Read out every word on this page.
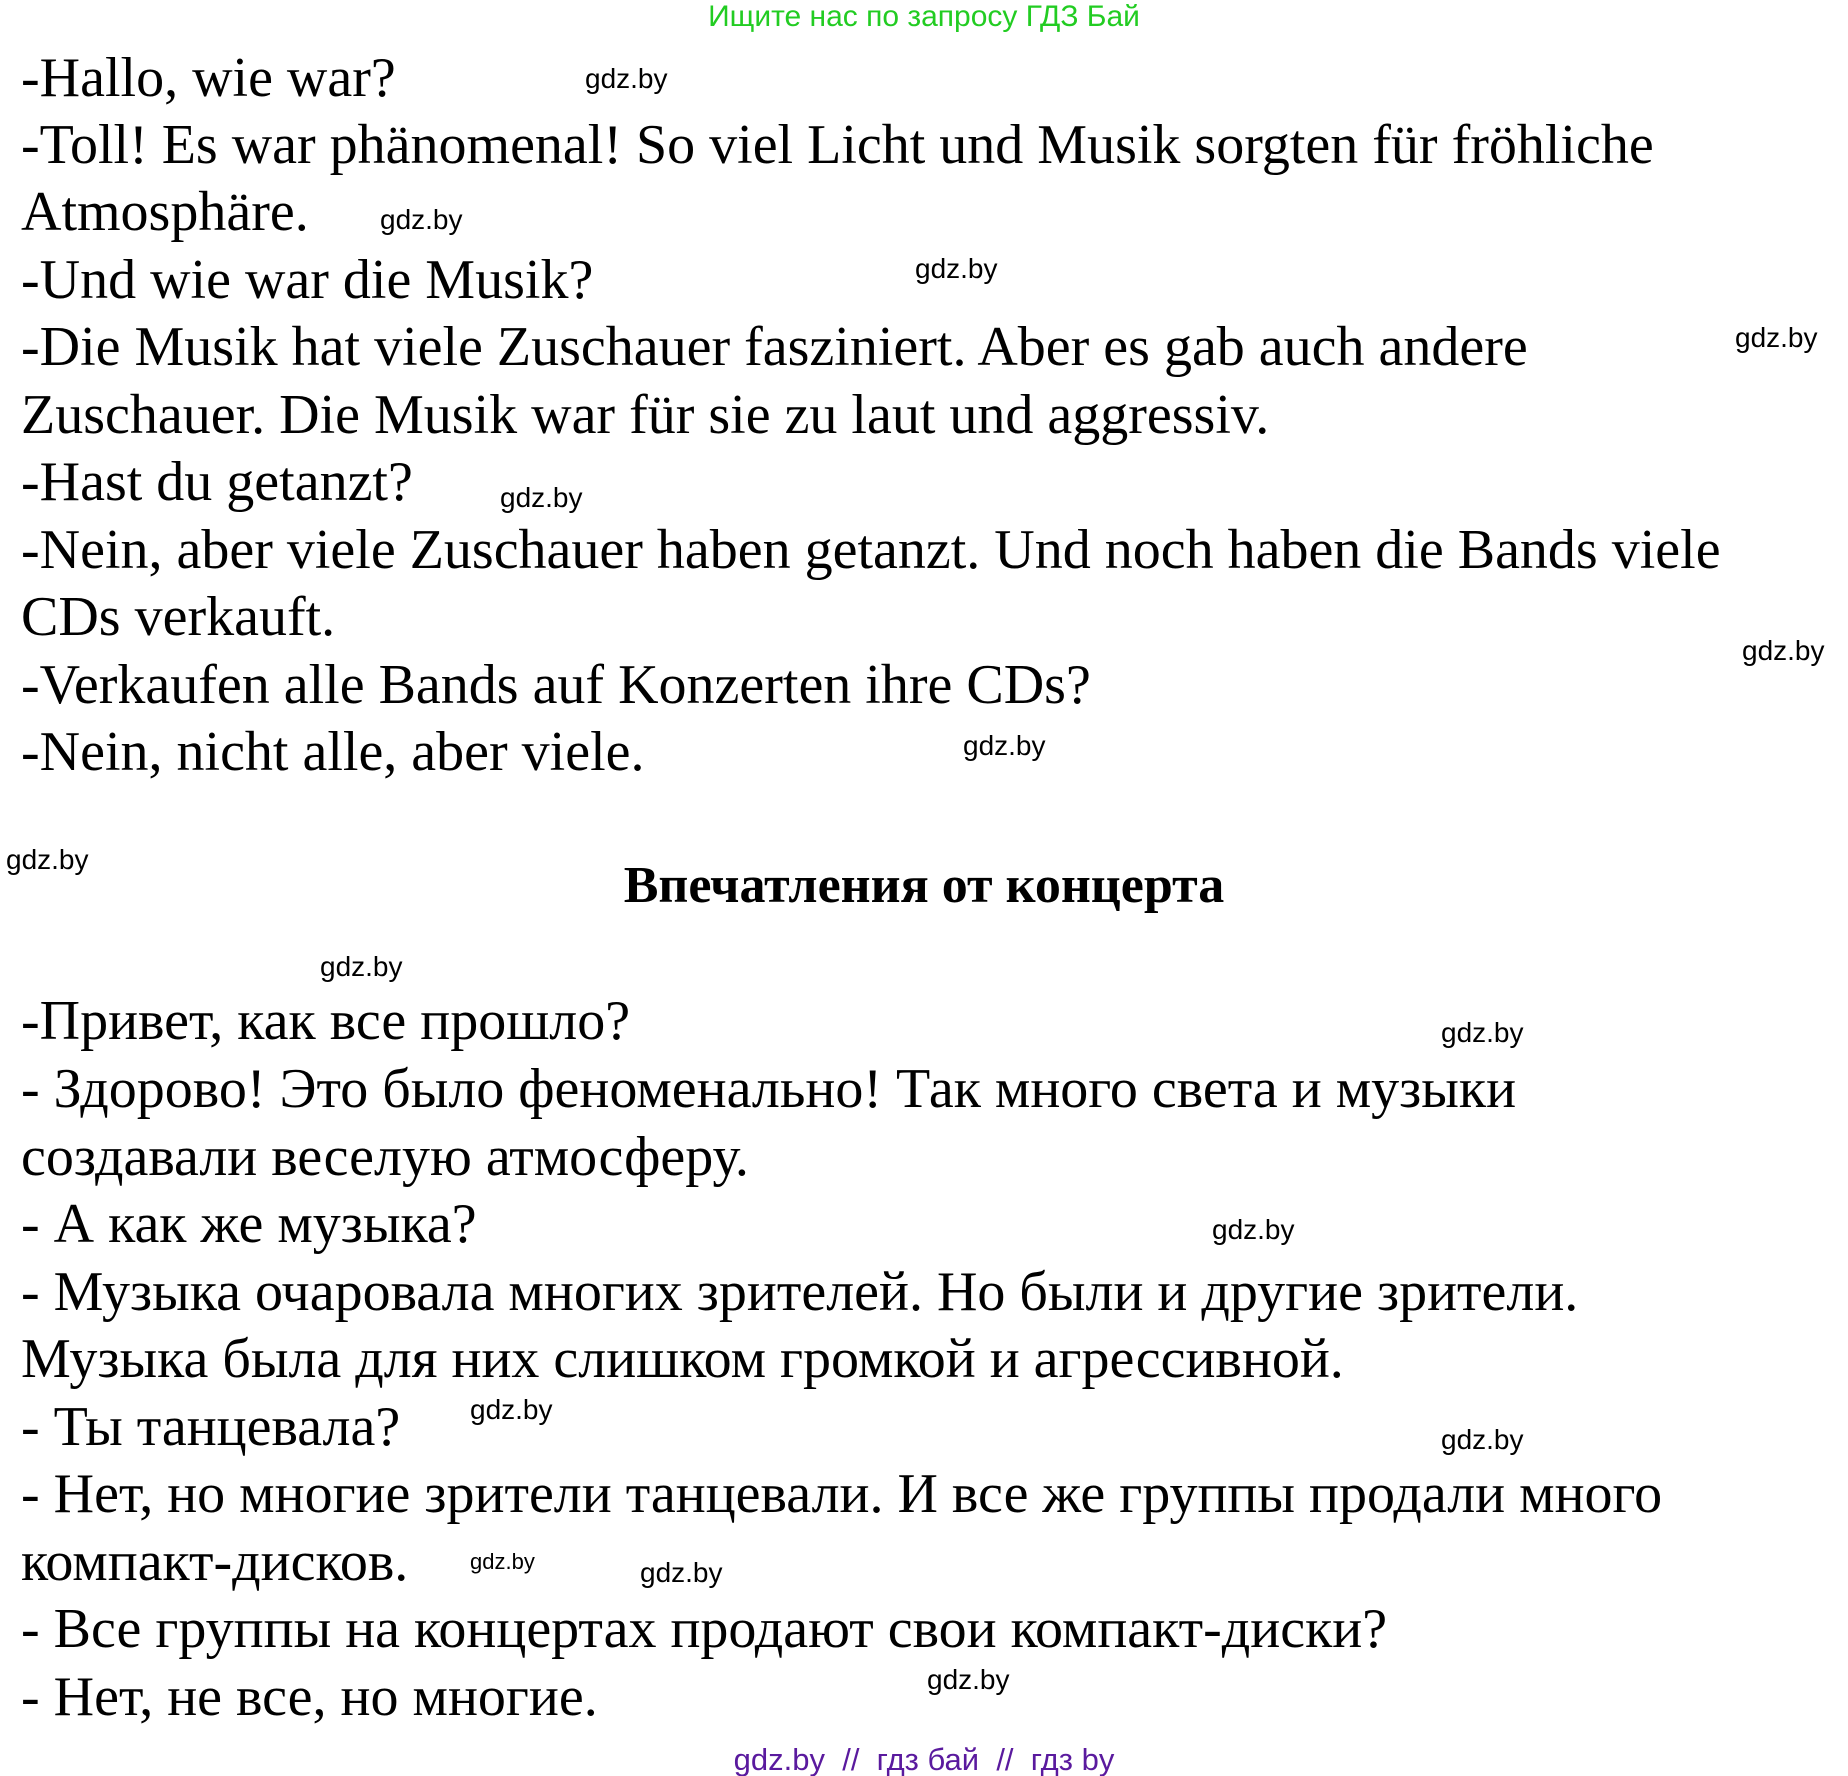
Ищите нас по запросу ГДЗ Бай
-Hallo, wie war?
-Toll! Es war phänomenal! So viel Licht und Musik sorgten für fröhliche
Atmosphäre.
-Und wie war die Musik?
-Die Musik hat viele Zuschauer fasziniert. Aber es gab auch andere
Zuschauer. Die Musik war für sie zu laut und aggressiv.
-Hast du getanzt?
-Nein, aber viele Zuschauer haben getanzt. Und noch haben die Bands viele
CDs verkauft.
-Verkaufen alle Bands auf Konzerten ihre CDs?
-Nein, nicht alle, aber viele.
Впечатления от концерта
-Привет, как все прошло?
- Здорово! Это было феноменально! Так много света и музыки
создавали веселую атмосферу.
- А как же музыка?
- Музыка очаровала многих зрителей. Но были и другие зрители.
Музыка была для них слишком громкой и агрессивной.
- Ты танцевала?
- Нет, но многие зрители танцевали. И все же группы продали много
компакт-дисков.
- Все группы на концертах продают свои компакт-диски?
- Нет, не все, но многие.
gdz.by
gdz.by
gdz.by
gdz.by
gdz.by
gdz.by
gdz.by
gdz.by
gdz.by
gdz.by
gdz.by
gdz.by
gdz.by
gdz.by	gdz.by
gdz.by
gdz.by  //  гдз бай  //  гдз by
